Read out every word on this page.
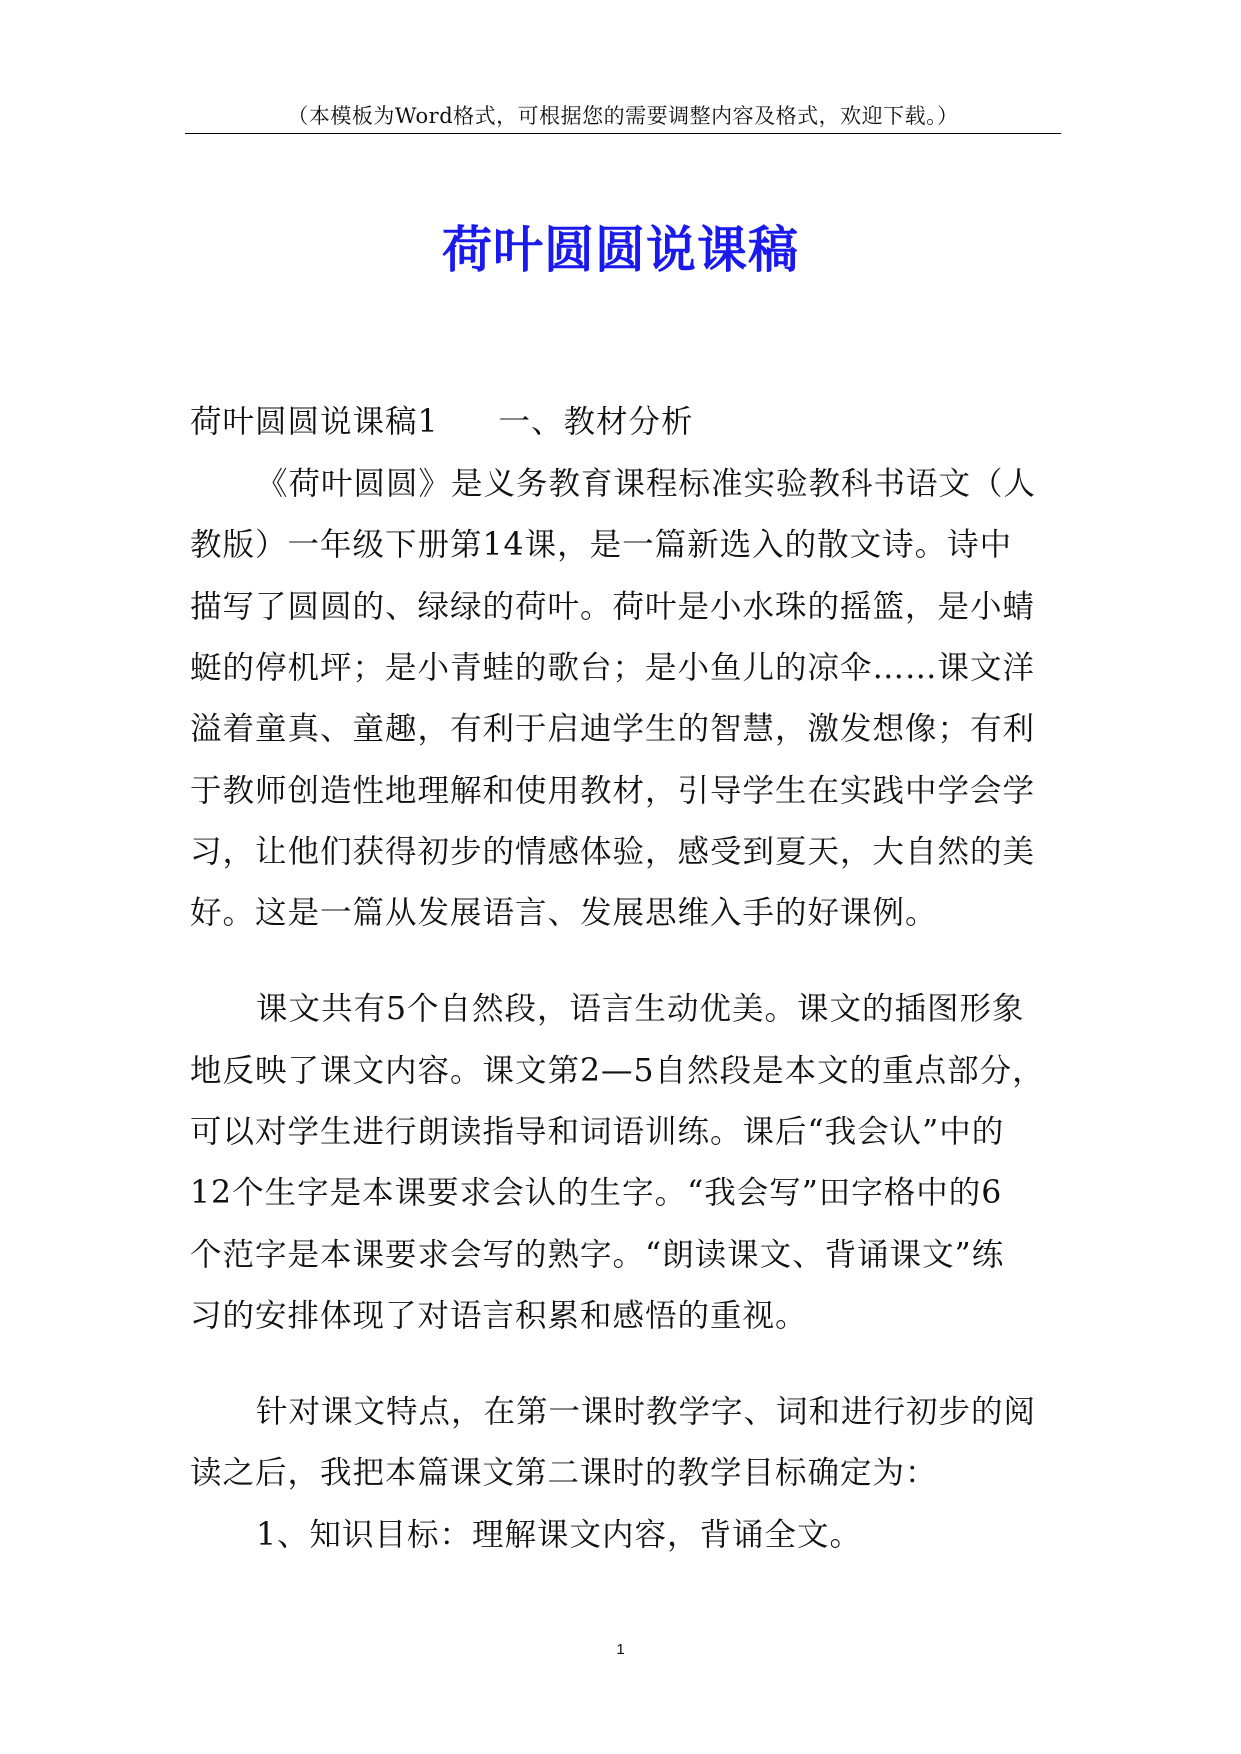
（本模板为Word格式，可根据您的需要调整内容及格式，欢迎下载。）
荷叶圆圆说课稿
荷叶圆圆说课稿1 一、教材分析
《荷叶圆圆》是义务教育课程标准实验教科书语文（人
教版）一年级下册第14课，是一篇新选入的散文诗。诗中
描写了圆圆的、绿绿的荷叶。荷叶是小水珠的摇篮，是小蜻
蜓的停机坪；是小青蛙的歌台；是小鱼儿的凉伞……课文洋
溢着童真、童趣，有利于启迪学生的智慧，激发想像；有利
于教师创造性地理解和使用教材，引导学生在实践中学会学
习，让他们获得初步的情感体验，感受到夏天，大自然的美
好。这是一篇从发展语言、发展思维入手的好课例。
课文共有5个自然段，语言生动优美。课文的插图形象
地反映了课文内容。课文第2—5自然段是本文的重点部分，
可以对学生进行朗读指导和词语训练。课后“我会认”中的
12个生字是本课要求会认的生字。“我会写”田字格中的6
个范字是本课要求会写的熟字。“朗读课文、背诵课文”练
习的安排体现了对语言积累和感悟的重视。
针对课文特点，在第一课时教学字、词和进行初步的阅
读之后，我把本篇课文第二课时的教学目标确定为：
1、知识目标：理解课文内容，背诵全文。
1
